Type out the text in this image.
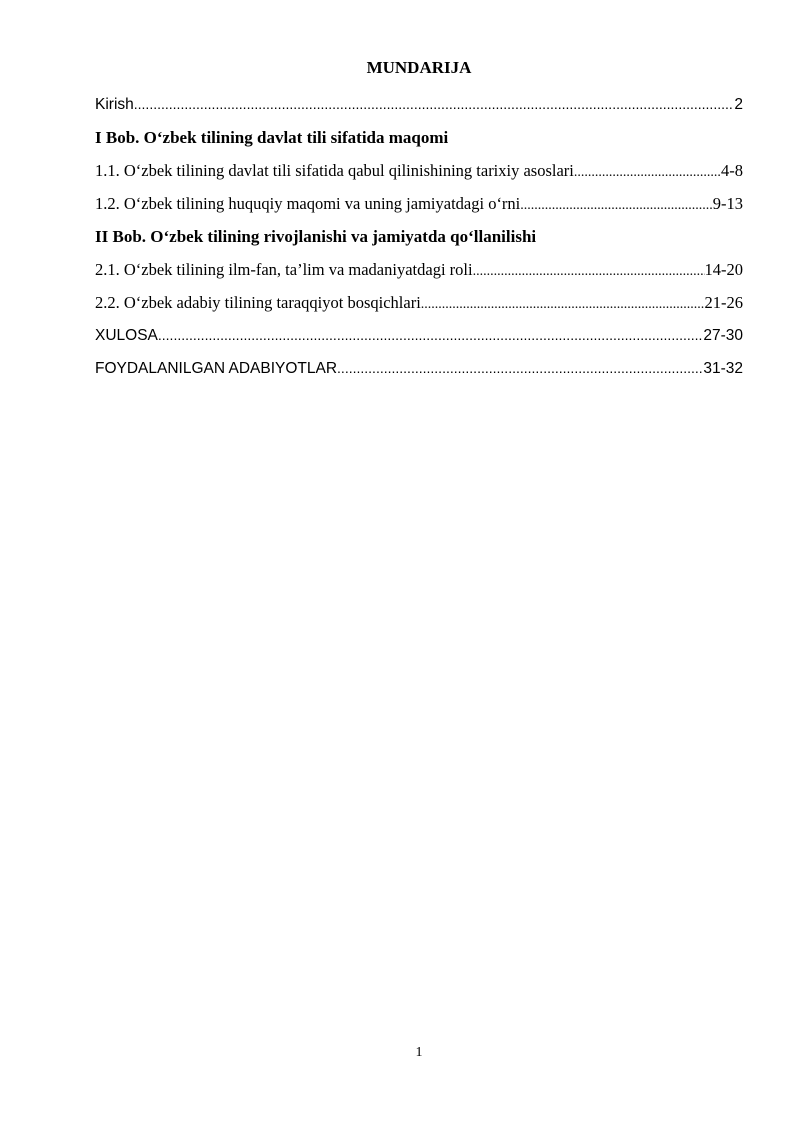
MUNDARIJA
Kirish .....	2
I Bob. O‘zbek tilining davlat tili sifatida maqomi
1.1. O‘zbek tilining davlat tili sifatida qabul qilinishining tarixiy asoslari .....	4-8
1.2. O‘zbek tilining huquqiy maqomi va uning jamiyatdagi o‘rni .....	9-13
II Bob. O‘zbek tilining rivojlanishi va jamiyatda qo‘llanilishi
2.1. O‘zbek tilining ilm-fan, ta’lim va madaniyatdagi roli .....	14-20
2.2. O‘zbek adabiy tilining taraqqiyot bosqichlari .....	21-26
XULOSA .....	27-30
FOYDALANILGAN ADABIYOTLAR .....	31-32
1
